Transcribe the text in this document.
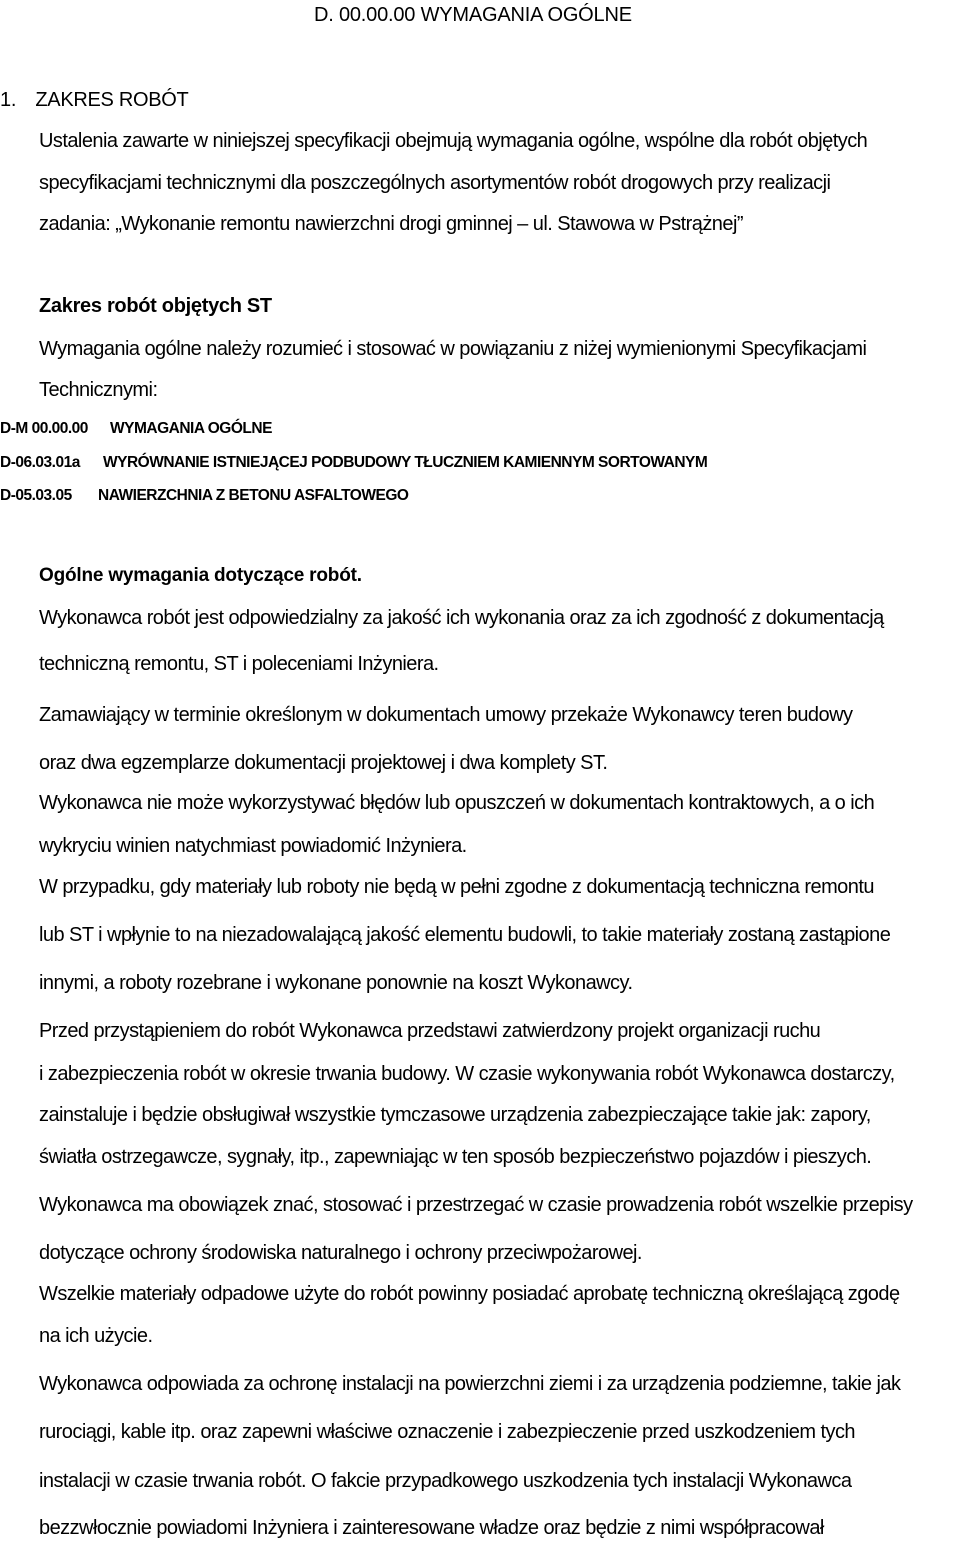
D. 00.00.00 WYMAGANIA OGÓLNE
1. ZAKRES ROBÓT
Ustalenia zawarte w niniejszej specyfikacji obejmują wymagania ogólne, wspólne dla robót objętych
specyfikacjami technicznymi dla poszczególnych asortymentów robót drogowych przy realizacji
zadania: „Wykonanie remontu nawierzchni drogi gminnej – ul. Stawowa w Pstrążnej”
Zakres robót objętych ST
Wymagania ogólne należy rozumieć i stosować w powiązaniu z niżej wymienionymi Specyfikacjami
Technicznymi:
D-M 00.00.00 WYMAGANIA OGÓLNE
D-06.03.01a WYRÓWNANIE ISTNIEJĄCEJ PODBUDOWY TŁUCZNIEM KAMIENNYM SORTOWANYM
D-05.03.05 NAWIERZCHNIA Z BETONU ASFALTOWEGO
Ogólne wymagania dotyczące robót.
Wykonawca robót jest odpowiedzialny za jakość ich wykonania oraz za ich zgodność z dokumentacją
techniczną remontu, ST i poleceniami Inżyniera.
Zamawiający w terminie określonym w dokumentach umowy przekaże Wykonawcy teren budowy
oraz dwa egzemplarze dokumentacji projektowej i dwa komplety ST.
Wykonawca nie może wykorzystywać błędów lub opuszczeń w dokumentach kontraktowych, a o ich
wykryciu winien natychmiast powiadomić Inżyniera.
W przypadku, gdy materiały lub roboty nie będą w pełni zgodne z dokumentacją techniczna remontu
lub ST i wpłynie to na niezadowalającą jakość elementu budowli, to takie materiały zostaną zastąpione
innymi, a roboty rozebrane i wykonane ponownie na koszt Wykonawcy.
Przed przystąpieniem do robót Wykonawca przedstawi zatwierdzony projekt organizacji ruchu
i zabezpieczenia robót w okresie trwania budowy. W czasie wykonywania robót Wykonawca dostarczy,
zainstaluje i będzie obsługiwał wszystkie tymczasowe urządzenia zabezpieczające takie jak: zapory,
światła ostrzegawcze, sygnały, itp., zapewniając w ten sposób bezpieczeństwo pojazdów i pieszych.
Wykonawca ma obowiązek znać, stosować i przestrzegać w czasie prowadzenia robót wszelkie przepisy
dotyczące ochrony środowiska naturalnego i ochrony przeciwpożarowej.
Wszelkie materiały odpadowe użyte do robót powinny posiadać aprobatę techniczną określającą zgodę
na ich użycie.
Wykonawca odpowiada za ochronę instalacji na powierzchni ziemi i za urządzenia podziemne, takie jak
rurociągi, kable itp. oraz zapewni właściwe oznaczenie i zabezpieczenie przed uszkodzeniem tych
instalacji w czasie trwania robót. O fakcie przypadkowego uszkodzenia tych instalacji Wykonawca
bezzwłocznie powiadomi Inżyniera i zainteresowane władze oraz będzie z nimi współpracował
